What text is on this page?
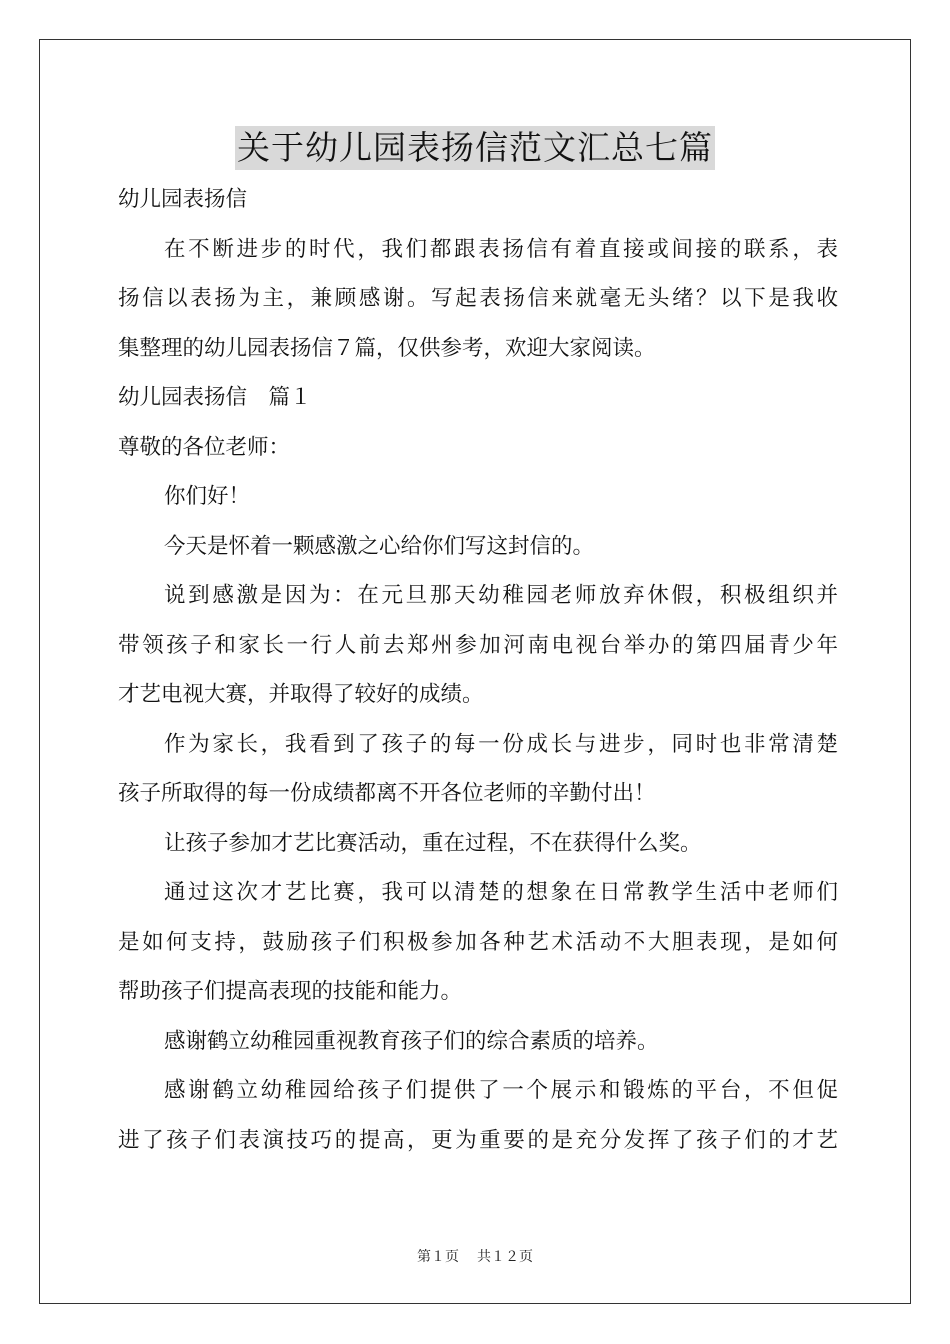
关于幼儿园表扬信范文汇总七篇
幼儿园表扬信
在不断进步的时代，我们都跟表扬信有着直接或间接的联系，表
扬信以表扬为主，兼顾感谢。写起表扬信来就毫无头绪？以下是我收
集整理的幼儿园表扬信７篇，仅供参考，欢迎大家阅读。
幼儿园表扬信　篇１
尊敬的各位老师：
你们好！
今天是怀着一颗感激之心给你们写这封信的。
说到感激是因为：在元旦那天幼稚园老师放弃休假，积极组织并
带领孩子和家长一行人前去郑州参加河南电视台举办的第四届青少年
才艺电视大赛，并取得了较好的成绩。
作为家长，我看到了孩子的每一份成长与进步，同时也非常清楚
孩子所取得的每一份成绩都离不开各位老师的辛勤付出！
让孩子参加才艺比赛活动，重在过程，不在获得什么奖。
通过这次才艺比赛，我可以清楚的想象在日常教学生活中老师们
是如何支持，鼓励孩子们积极参加各种艺术活动不大胆表现，是如何
帮助孩子们提高表现的技能和能力。
感谢鹤立幼稚园重视教育孩子们的综合素质的培养。
感谢鹤立幼稚园给孩子们提供了一个展示和锻炼的平台，不但促
进了孩子们表演技巧的提高，更为重要的是充分发挥了孩子们的才艺
第１页 共１２页
